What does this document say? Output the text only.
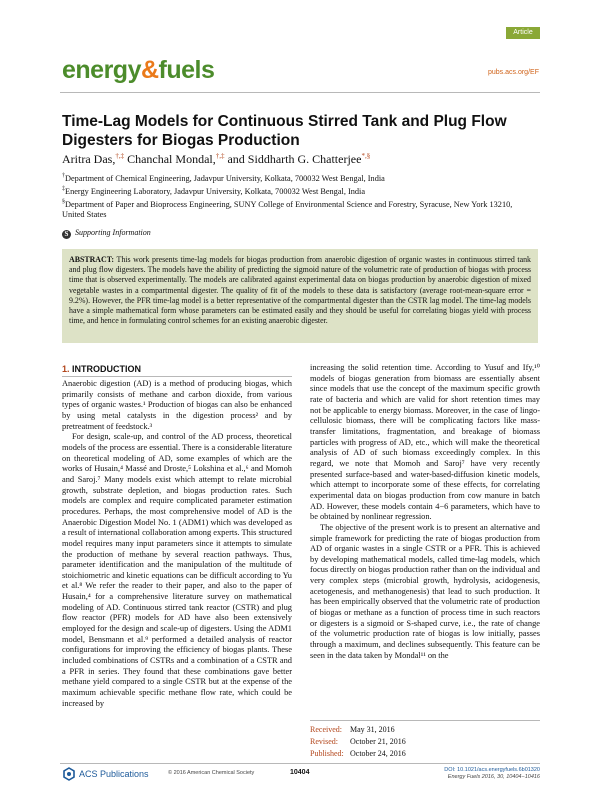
energy&fuels
Article
pubs.acs.org/EF
Time-Lag Models for Continuous Stirred Tank and Plug Flow Digesters for Biogas Production
Aritra Das,†,‡ Chanchal Mondal,†,‡ and Siddharth G. Chatterjee*,§
†Department of Chemical Engineering, Jadavpur University, Kolkata, 700032 West Bengal, India
‡Energy Engineering Laboratory, Jadavpur University, Kolkata, 700032 West Bengal, India
§Department of Paper and Bioprocess Engineering, SUNY College of Environmental Science and Forestry, Syracuse, New York 13210, United States
S Supporting Information
ABSTRACT: This work presents time-lag models for biogas production from anaerobic digestion of organic wastes in continuous stirred tank and plug flow digesters. The models have the ability of predicting the sigmoid nature of the volumetric rate of production of biogas with process time that is observed experimentally. The models are calibrated against experimental data on biogas production by anaerobic digestion of mixed vegetable wastes in a compartmental digester. The quality of fit of the models to these data is satisfactory (average root-mean-square error = 9.2%). However, the PFR time-lag model is a better representative of the compartmental digester than the CSTR lag model. The time-lag models have a simple mathematical form whose parameters can be estimated easily and they should be useful for correlating biogas yield with process time, and hence in formulating control schemes for an existing anaerobic digester.
1. INTRODUCTION

Anaerobic digestion (AD) is a method of producing biogas, which primarily consists of methane and carbon dioxide, from various types of organic wastes.¹ Production of biogas can also be enhanced by using metal catalysts in the digestion process² and by pretreatment of feedstock.³

For design, scale-up, and control of the AD process, theoretical models of the process are essential. There is a considerable literature on theoretical modeling of AD, some examples of which are the works of Husain,⁴ Massé and Droste,⁵ Lokshina et al.,⁶ and Momoh and Saroj.⁷ Many models exist which attempt to relate microbial growth, substrate depletion, and biogas production rates. Such models are complex and require complicated parameter estimation procedures. Perhaps, the most comprehensive model of AD is the Anaerobic Digestion Model No. 1 (ADM1) which was developed as a result of international collaboration among experts. This structured model requires many input parameters since it attempts to simulate the production of methane by several reaction pathways. Thus, parameter identification and the manipulation of the multitude of stoichiometric and kinetic equations can be difficult according to Yu et al.⁸ We refer the reader to their paper, and also to the paper of Husain,⁴ for a comprehensive literature survey on mathematical modeling of AD. Continuous stirred tank reactor (CSTR) and plug flow reactor (PFR) models for AD have also been extensively employed for the design and scale-up of digesters. Using the ADM1 model, Bensmann et al.⁹ performed a detailed analysis of reactor configurations for improving the efficiency of biogas plants. These included combinations of CSTRs and a combination of a CSTR and a PFR in series. They found that these combinations gave better methane yield compared to a single CSTR but at the expense of the maximum achievable specific methane flow rate, which could be increased by

increasing the solid retention time. According to Yusuf and Ify,¹⁰ models of biogas generation from biomass are essentially absent since models that use the concept of the maximum specific growth rate of bacteria and which are valid for short retention times may not be applicable to energy biomass. Moreover, in the case of lingo-cellulosic biomass, there will be complicating factors like mass-transfer limitations, fragmentation, and breakage of biomass particles with progress of AD, etc., which will make the theoretical analysis of AD of such biomass exceedingly complex. In this regard, we note that Momoh and Saroj⁷ have very recently presented surface-based and water-based-diffusion kinetic models, which attempt to incorporate some of these effects, for correlating experimental data on biogas production from cow manure in batch AD. However, these models contain 4−6 parameters, which have to be obtained by nonlinear regression.

The objective of the present work is to present an alternative and simple framework for predicting the rate of biogas production from AD of organic wastes in a single CSTR or a PFR. This is achieved by developing mathematical models, called time-lag models, which focus directly on biogas production rather than on the individual and very complex steps (microbial growth, hydrolysis, acidogenesis, acetogenesis, and methanogenesis) that lead to such production. It has been empirically observed that the volumetric rate of production of biogas or methane as a function of process time in such reactors or digesters is a sigmoid or S-shaped curve, i.e., the rate of change of the volumetric production rate of biogas is low initially, passes through a maximum, and declines subsequently. This feature can be seen in the data taken by Mondal¹¹ on the

Received: May 31, 2016
Revised: October 21, 2016
Published: October 24, 2016
ACS Publications	© 2016 American Chemical Society	10404	DOI: 10.1021/acs.energyfuels.6b01320
Energy Fuels 2016, 30, 10404−10416
